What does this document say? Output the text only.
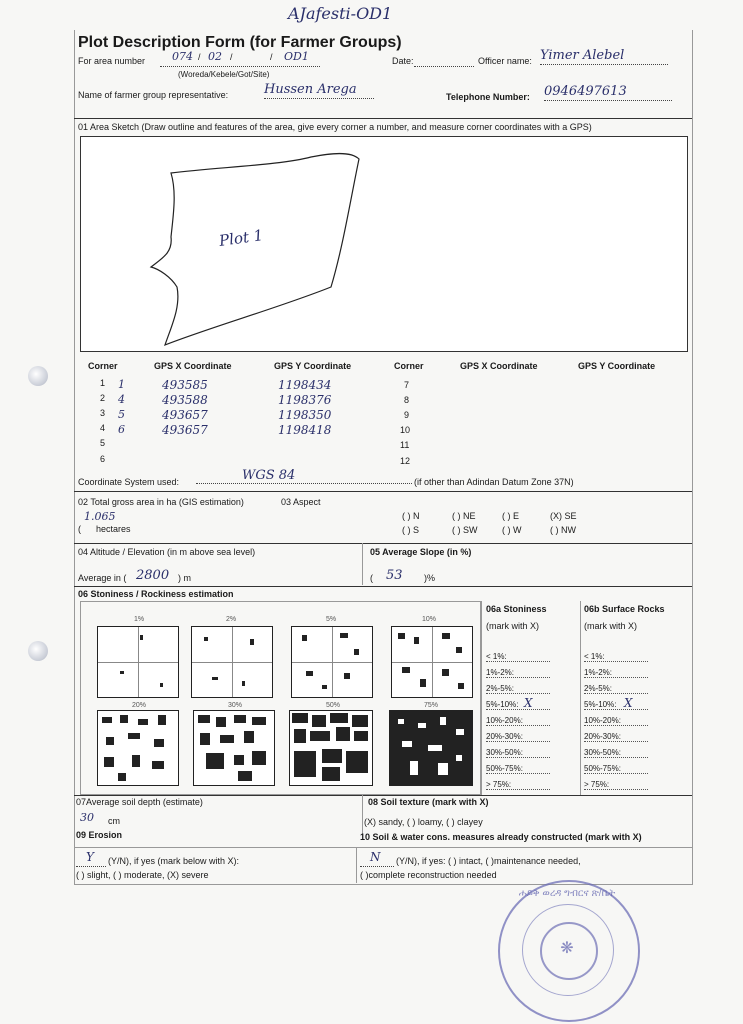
AJafesti-OD1
Plot Description Form (for Farmer Groups)
For area number 074 / 02 /	/ OD1
(Woreda/Kebele/Got/Site)
Date:	Officer name: Yimer Alebel
Name of farmer group representative:	Hussen Arega	Telephone Number: 0946497613
01 Area Sketch (Draw outline and features of the area, give every corner a number, and measure corner coordinates with a GPS)
Plot 1
Corner	GPS X Coordinate	GPS Y Coordinate	Corner	GPS X Coordinate	GPS Y Coordinate
1 1	493585	1198434
2 4	493588	1198376
3 5	493657	1198350
4 6	493657	1198418
5
6
7
8
9
10
11
12
Coordinate System used:	WGS 84	(if other than Adindan Datum Zone 37N)
02 Total gross area in ha (GIS estimation)
1.065
( hectares
03 Aspect
( ) N	( ) NE	( ) E	(X) SE
( ) S	( ) SW	( ) W	( ) NW
04 Altitude / Elevation (in m above sea level)
Average in ( 2800 ) m
05 Average Slope (in %)
( 53 )%
06 Stoniness / Rockiness estimation
1%	2%	5%	10%
20%	30%	50%	75%
06a Stoniness
(mark with X)
06b Surface Rocks
(mark with X)
< 1%:
1%-2%:
2%-5%:
5%-10%: X
10%-20%:
20%-30%:
30%-50%:
50%-75%:
> 75%:
< 1%:
1%-2%:
2%-5%:
5%-10%: X
10%-20%:
20%-30%:
30%-50%:
50%-75%:
> 75%:
07Average soil depth (estimate)
30 cm
08 Soil texture (mark with X)
(X) sandy, ( ) loamy, ( ) clayey
09 Erosion	10 Soil & water cons. measures already constructed (mark with X)
Y (Y/N), if yes (mark below with X):
( ) slight, ( ) moderate, (X) severe
N (Y/N), if yes: ( ) intact, ( )maintenance needed,
( )complete reconstruction needed
❋
ሐይቅ ወረዳ ግብርና ጽ/ቤት
